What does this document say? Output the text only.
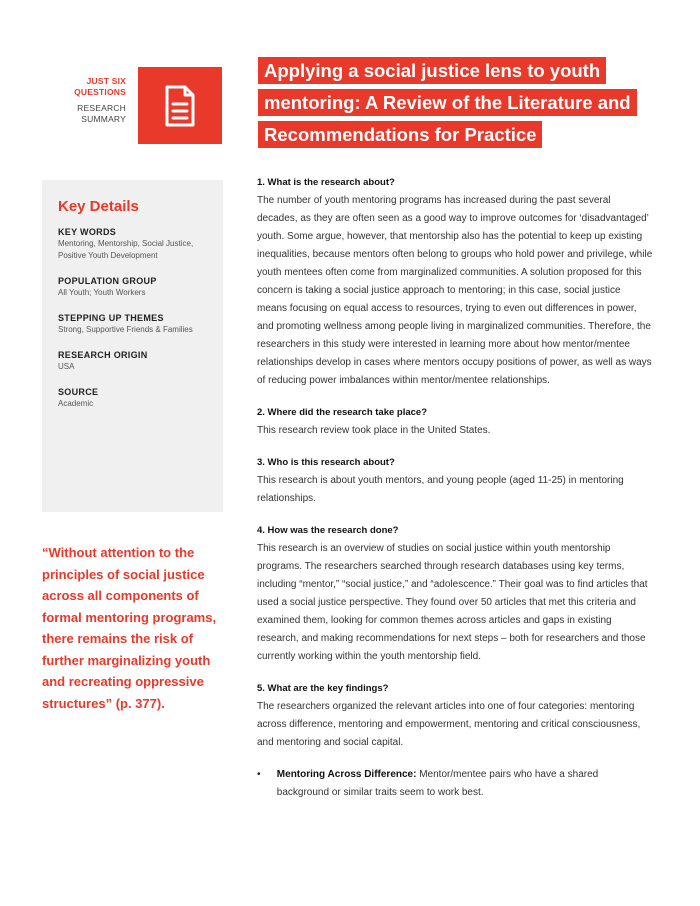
JUST SIX
QUESTIONS
RESEARCH
SUMMARY
Applying a social justice lens to youth
mentoring: A Review of the Literature and
Recommendations for Practice
Key Details
KEY WORDS
Mentoring, Mentorship, Social Justice, Positive Youth Development
POPULATION GROUP
All Youth; Youth Workers
STEPPING UP THEMES
Strong, Supportive Friends & Families
RESEARCH ORIGIN
USA
SOURCE
Academic
“Without attention to the principles of social justice across all components of formal mentoring programs, there remains the risk of further marginalizing youth and recreating oppressive structures” (p. 377).

1. What is the research about?

The number of youth mentoring programs has increased during the past several decades, as they are often seen as a good way to improve outcomes for ‘disadvantaged’ youth. Some argue, however, that mentorship also has the potential to keep up existing inequalities, because mentors often belong to groups who hold power and privilege, while youth mentees often come from marginalized communities. A solution proposed for this concern is taking a social justice approach to mentoring; in this case, social justice means focusing on equal access to resources, trying to even out differences in power, and promoting wellness among people living in marginalized communities. Therefore, the researchers in this study were interested in learning more about how mentor/mentee relationships develop in cases where mentors occupy positions of power, as well as ways of reducing power imbalances within mentor/mentee relationships.

2. Where did the research take place?

This research review took place in the United States.

3. Who is this research about?

This research is about youth mentors, and young people (aged 11-25) in mentoring relationships.

4. How was the research done?

This research is an overview of studies on social justice within youth mentorship programs. The researchers searched through research databases using key terms, including “mentor,” “social justice,” and “adolescence.” Their goal was to find articles that used a social justice perspective. They found over 50 articles that met this criteria and examined them, looking for common themes across articles and gaps in existing research, and making recommendations for next steps – both for researchers and those currently working within the youth mentorship field.

5. What are the key findings?

The researchers organized the relevant articles into one of four categories: mentoring across difference, mentoring and empowerment, mentoring and critical consciousness, and mentoring and social capital.

•	Mentoring Across Difference: Mentor/mentee pairs who have a shared background or similar traits seem to work best.
